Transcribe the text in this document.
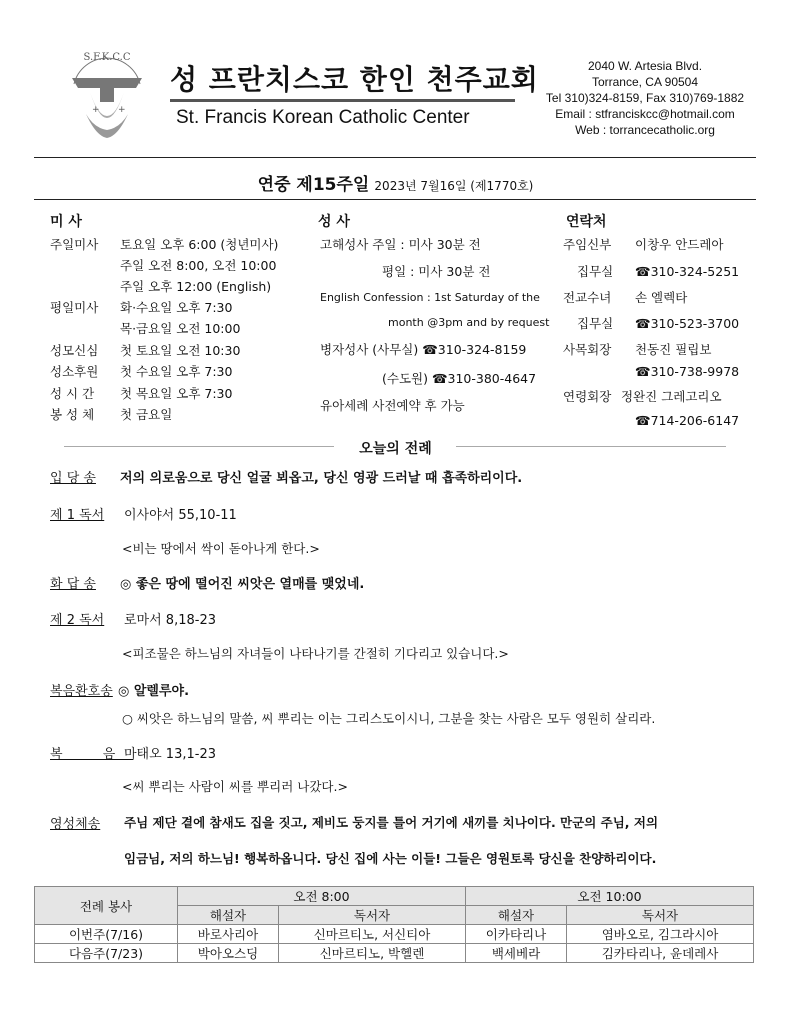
S.F.K.C.C
+ +
성 프란치스코 한인 천주교회
St. Francis Korean Catholic Center
2040 W. Artesia Blvd.
Torrance, CA 90504
Tel 310)324-8159, Fax 310)769-1882
Email : stfranciskcc@hotmail.com
Web : torrancecatholic.org
연중 제15주일 2023년 7월16일 (제1770호)
미 사
주일미사 토요일 오후 6:00 (청년미사)
주일 오전 8:00, 오전 10:00
주일 오후 12:00 (English)
평일미사 화·수요일 오후 7:30
목·금요일 오전 10:00
성모신심 첫 토요일 오전 10:30
성소후원 첫 수요일 오후 7:30
성 시 간 첫 목요일 오후 7:30
봉 성 체 첫 금요일
성 사
고해성사 주일 : 미사 30분 전
평일 : 미사 30분 전
English Confession : 1st Saturday of the
month @3pm and by request
병자성사 (사무실) ☎310-324-8159
(수도원) ☎310-380-4647
유아세례 사전예약 후 가능
연락처
주임신부 이창우 안드레아
집무실 ☎310-324-5251
전교수녀 손 엘렉타
집무실 ☎310-523-3700
사목회장 천동진 필립보
☎310-738-9978
연령회장 정완진 그레고리오
☎714-206-6147
오늘의 전례
입 당 송 저의 의로움으로 당신 얼굴 뵈옵고, 당신 영광 드러날 때 흡족하리이다.
제 1 독서 이사야서 55,10-11
<비는 땅에서 싹이 돋아나게 한다.>
화 답 송 ◎ 좋은 땅에 떨어진 씨앗은 열매를 맺었네.
제 2 독서 로마서 8,18-23
<피조물은 하느님의 자녀들이 나타나기를 간절히 기다리고 있습니다.>
복음환호송 ◎ 알렐루야.
○ 씨앗은 하느님의 말씀, 씨 뿌리는 이는 그리스도이시니, 그분을 찾는 사람은 모두 영원히 살리라.
복 음
마태오 13,1-23
<씨 뿌리는 사람이 씨를 뿌리러 나갔다.>
영성체송 주님 제단 곁에 참새도 집을 짓고, 제비도 둥지를 틀어 거기에 새끼를 치나이다. 만군의 주님, 저의
임금님, 저의 하느님! 행복하옵니다. 당신 집에 사는 이들! 그들은 영원토록 당신을 찬양하리이다.
전례 봉사	오전 8:00		오전 10:00	
	해설자	독서자	해설자	독서자
이번주(7/16)	바로사리아	신마르티노, 서신티아	이카타리나	염바오로, 김그라시아
다음주(7/23)	박아오스딩	신마르티노, 박헬렌	백세베라	김카타리나, 윤데레사
